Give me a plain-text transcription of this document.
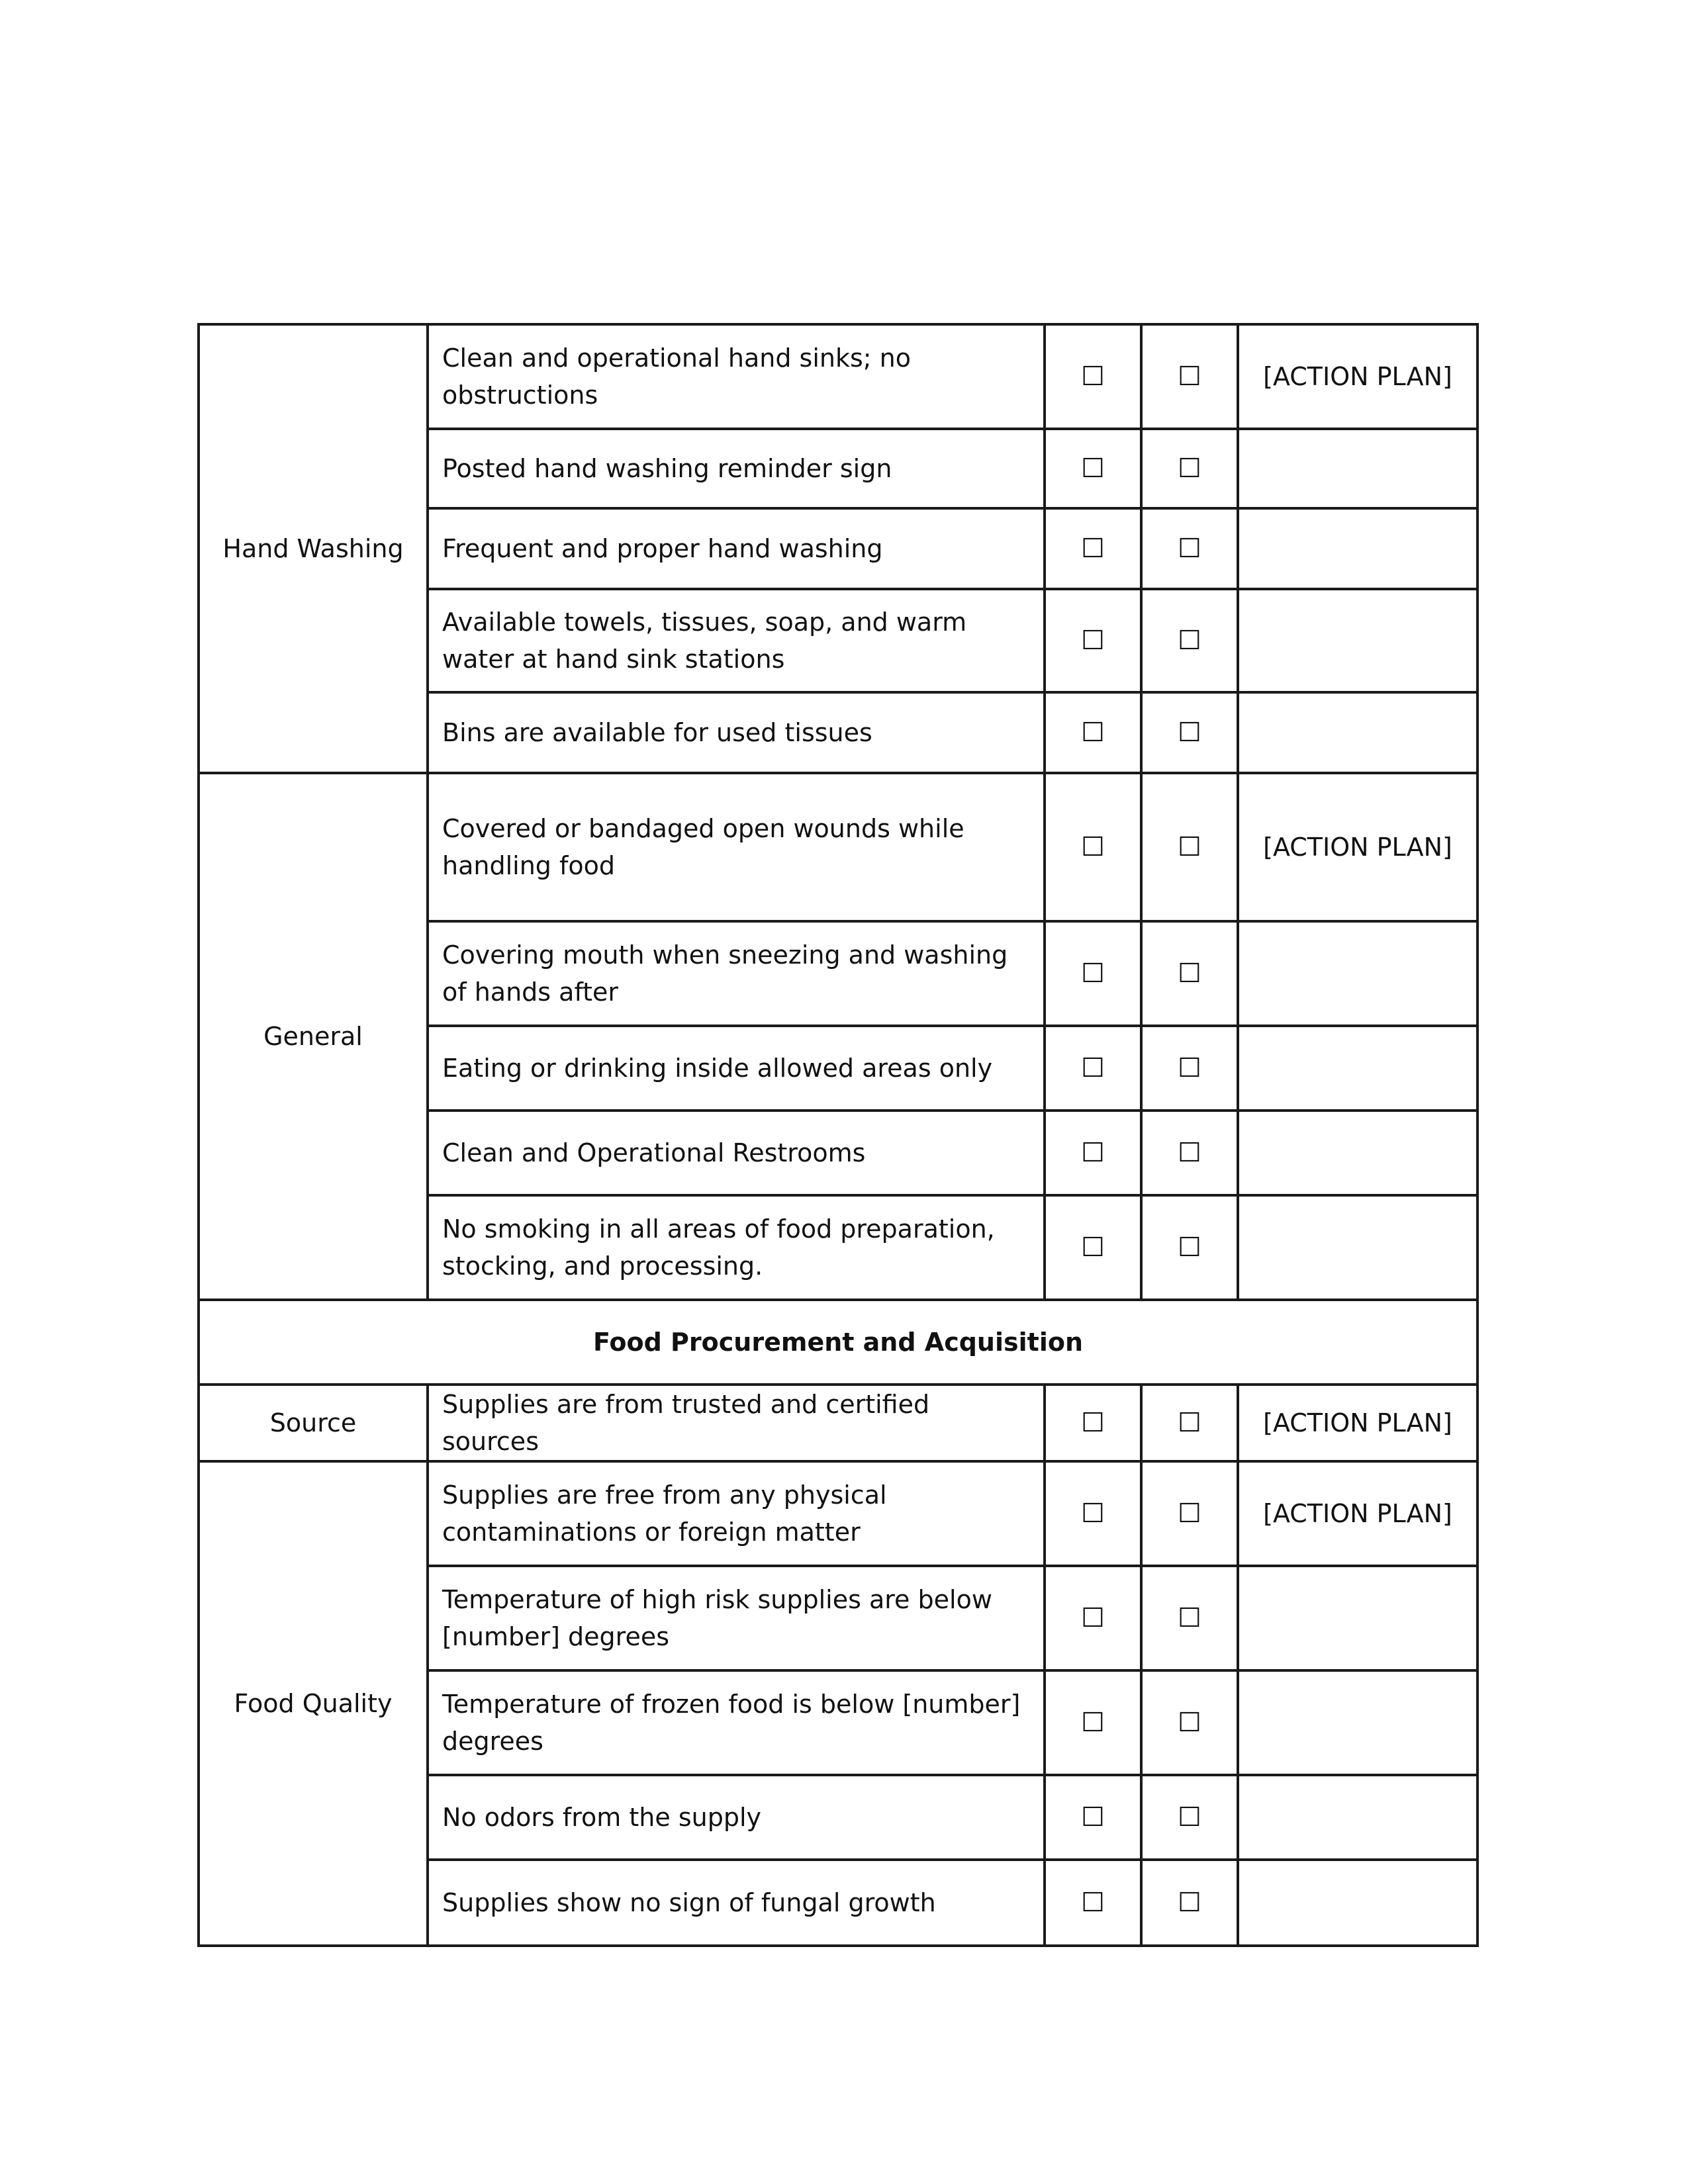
Hand Washing	Clean and operational hand sinks; no obstructions	☐	☐	[ACTION PLAN]
	Posted hand washing reminder sign	☐	☐	
	Frequent and proper hand washing	☐	☐	
	Available towels, tissues, soap, and warm water at hand sink stations	☐	☐	
	Bins are available for used tissues	☐	☐	
General	Covered or bandaged open wounds while handling food	☐	☐	[ACTION PLAN]
	Covering mouth when sneezing and washing of hands after	☐	☐	
	Eating or drinking inside allowed areas only	☐	☐	
	Clean and Operational Restrooms	☐	☐	
	No smoking in all areas of food preparation, stocking, and processing.	☐	☐	
Food Procurement and Acquisition				
Source	Supplies are from trusted and certified sources	☐	☐	[ACTION PLAN]
Food Quality	Supplies are free from any physical contaminations or foreign matter	☐	☐	[ACTION PLAN]
	Temperature of high risk supplies are below [number] degrees	☐	☐	
	Temperature of frozen food is below [number] degrees	☐	☐	
	No odors from the supply	☐	☐	
	Supplies show no sign of fungal growth	☐	☐	
